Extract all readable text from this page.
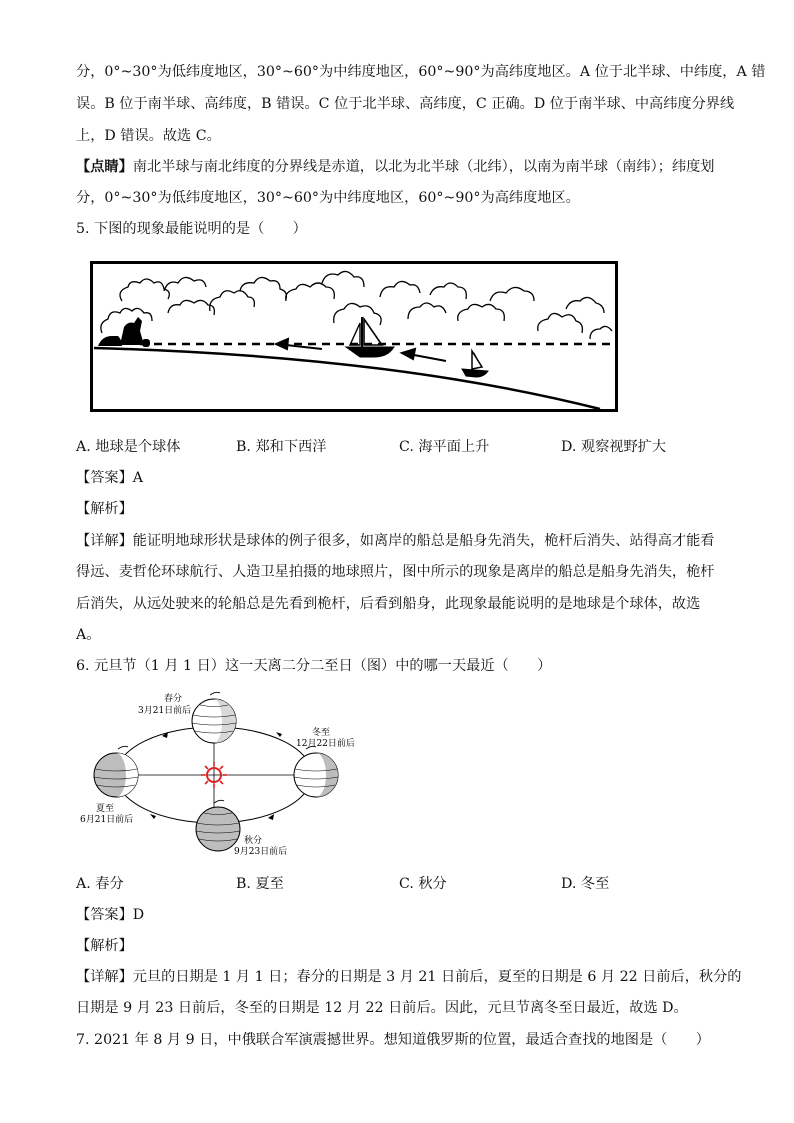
分，0°~30°为低纬度地区，30°~60°为中纬度地区，60°~90°为高纬度地区。A 位于北半球、中纬度，A 错
误。B 位于南半球、高纬度，B 错误。C 位于北半球、高纬度，C 正确。D 位于南半球、中高纬度分界线
上，D 错误。故选 C。
【点睛】南北半球与南北纬度的分界线是赤道，以北为北半球（北纬），以南为南半球（南纬）；纬度划
分，0°~30°为低纬度地区，30°~60°为中纬度地区，60°~90°为高纬度地区。
5. 下图的现象最能说明的是（　　）
A. 地球是个球体	B. 郑和下西洋	C. 海平面上升	D. 观察视野扩大
【答案】A
【解析】
【详解】能证明地球形状是球体的例子很多，如离岸的船总是船身先消失，桅杆后消失、站得高才能看
得远、麦哲伦环球航行、人造卫星拍摄的地球照片，图中所示的现象是离岸的船总是船身先消失，桅杆
后消失，从远处驶来的轮船总是先看到桅杆，后看到船身，此现象最能说明的是地球是个球体，故选
A。
6. 元旦节（1 月 1 日）这一天离二分二至日（图）中的哪一天最近（　　）
春分
3月21日前后
冬至
12月22日前后
夏至
6月21日前后
秋分
9月23日前后
A. 春分	B. 夏至	C. 秋分	D. 冬至
【答案】D
【解析】
【详解】元旦的日期是 1 月 1 日；春分的日期是 3 月 21 日前后，夏至的日期是 6 月 22 日前后，秋分的
日期是 9 月 23 日前后，冬至的日期是 12 月 22 日前后。因此，元旦节离冬至日最近，故选 D。
7. 2021 年 8 月 9 日，中俄联合军演震撼世界。想知道俄罗斯的位置，最适合查找的地图是（　　）
